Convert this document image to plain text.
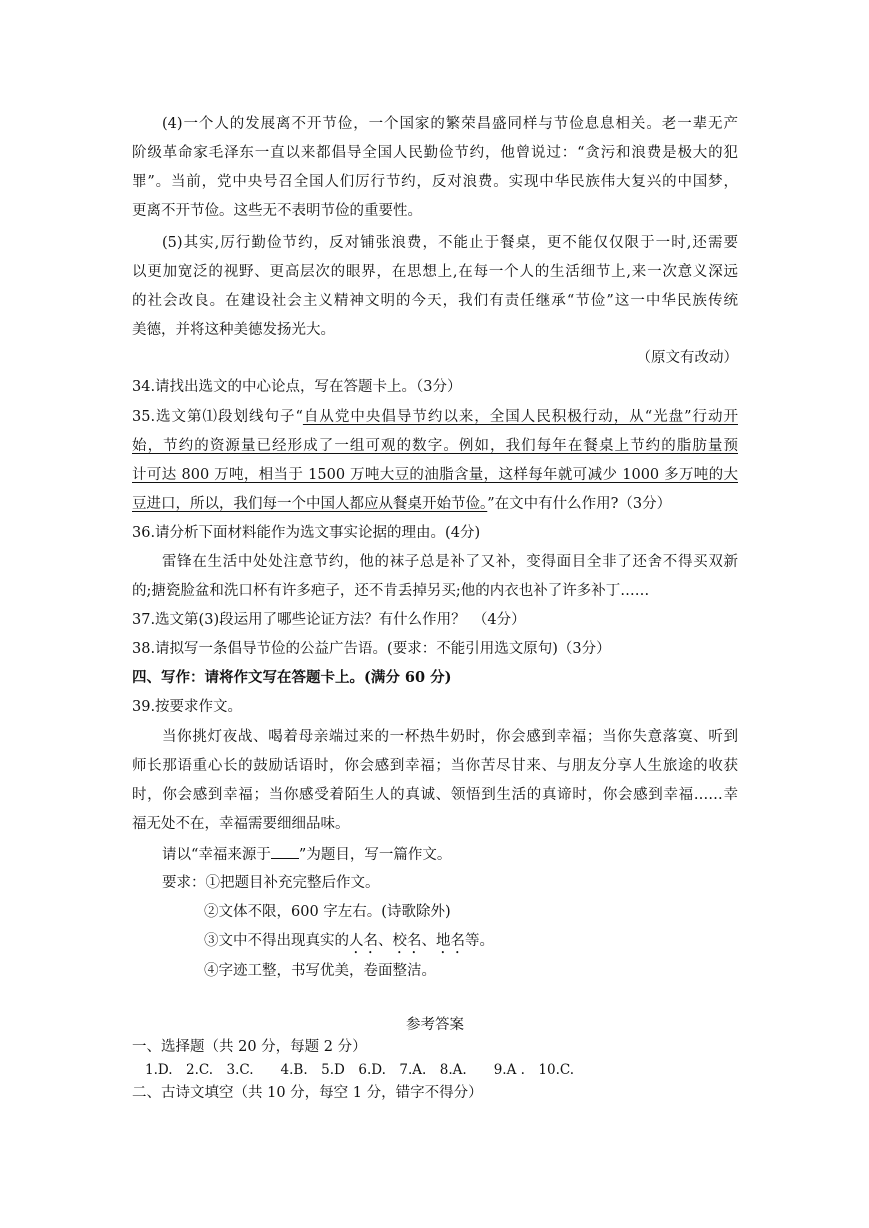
(4)一个人的发展离不开节俭，一个国家的繁荣昌盛同样与节俭息息相关。老一辈无产
阶级革命家毛泽东一直以来都倡导全国人民勤俭节约，他曾说过：“贪污和浪费是极大的犯
罪”。当前，党中央号召全国人们厉行节约，反对浪费。实现中华民族伟大复兴的中国梦，
更离不开节俭。这些无不表明节俭的重要性。
(5)其实,厉行勤俭节约，反对铺张浪费，不能止于餐桌，更不能仅仅限于一时,还需要
以更加宽泛的视野、更高层次的眼界，在思想上,在每一个人的生活细节上,来一次意义深远
的社会改良。在建设社会主义精神文明的今天，我们有责任继承“节俭”这一中华民族传统
美德，并将这种美德发扬光大。
（原文有改动）
34.请找出选文的中心论点，写在答题卡上。（3分）
35.选文第⑴段划线句子“自从党中央倡导节约以来，全国人民积极行动，从“光盘”行动开
始，节约的资源量已经形成了一组可观的数字。例如，我们每年在餐桌上节约的脂肪量预
计可达 800 万吨，相当于 1500 万吨大豆的油脂含量，这样每年就可减少 1000 多万吨的大
豆进口，所以，我们每一个中国人都应从餐桌开始节俭。”在文中有什么作用?（3分）
36.请分析下面材料能作为选文事实论据的理由。(4分)
雷锋在生活中处处注意节约，他的袜子总是补了又补，变得面目全非了还舍不得买双新
的;搪瓷脸盆和洗口杯有许多疤子，还不肯丢掉另买;他的内衣也补了许多补丁……
37.选文第(3)段运用了哪些论证方法？有什么作用？　（4分）
38.请拟写一条倡导节俭的公益广告语。(要求：不能引用选文原句)（3分）
四、写作：请将作文写在答题卡上。(满分 60 分)
39.按要求作文。
当你挑灯夜战、喝着母亲端过来的一杯热牛奶时，你会感到幸福；当你失意落寞、听到
师长那语重心长的鼓励话语时，你会感到幸福；当你苦尽甘来、与朋友分享人生旅途的收获
时，你会感到幸福；当你感受着陌生人的真诚、领悟到生活的真谛时，你会感到幸福……幸
福无处不在，幸福需要细细品味。
请以“幸福来源于 ”为题目，写一篇作文。
要求：①把题目补充完整后作文。
②文体不限，600 字左右。(诗歌除外)
③文中不得出现真实的人名、校名、地名等。
④字迹工整，书写优美，卷面整洁。
参考答案
一、选择题（共 20 分，每题 2 分）
1.D.　2.C.　3.C.　　4.B.　5.D　6.D.　7.A.　8.A.　　9.A .　10.C.
二、古诗文填空（共 10 分，每空 1 分，错字不得分）
